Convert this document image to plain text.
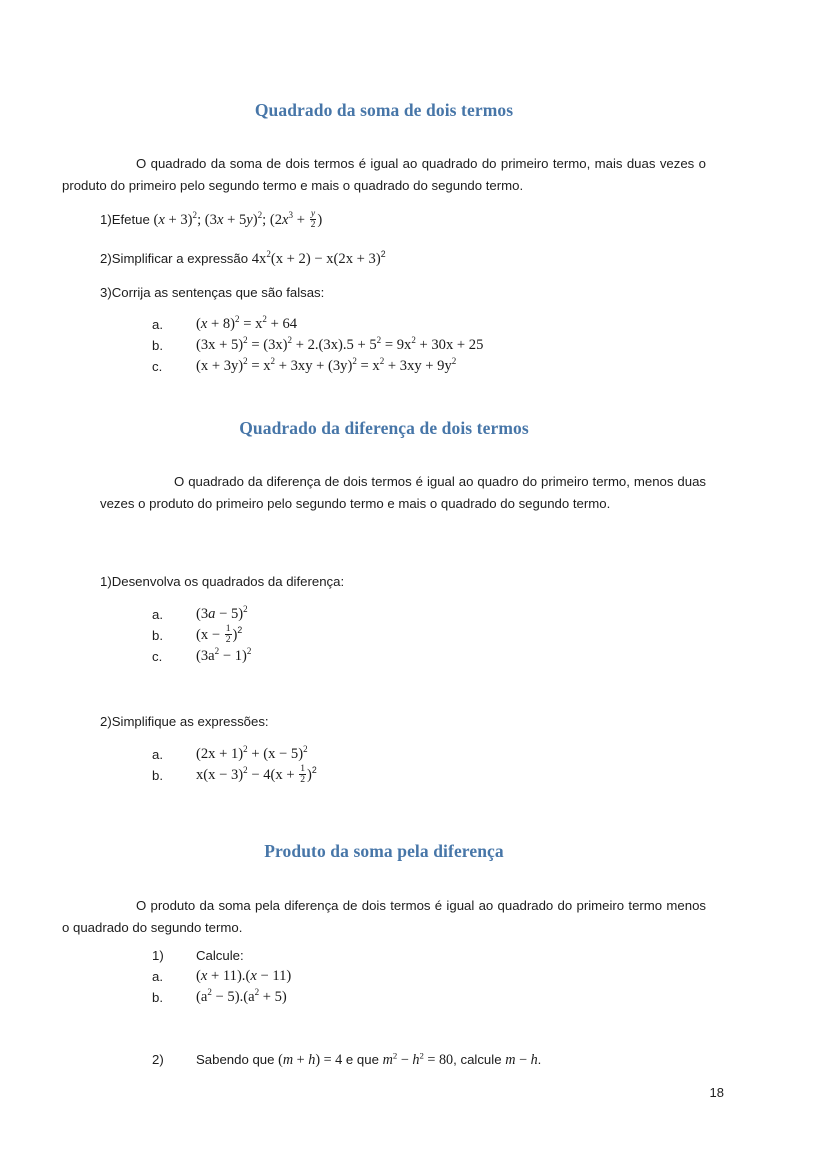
Quadrado da soma de dois termos
O quadrado da soma de dois termos é igual ao quadrado do primeiro termo, mais duas vezes o produto do primeiro pelo segundo termo e mais o quadrado do segundo termo.
1)Efetue $(x + 3)^2$; $(3x + 5y)^2$; ($2x^3 + \frac{y}{2}$ )
2)Simplificar a expressão $4x^2(x + 2) - x(2x + 3)^2$
3)Corrija as sentenças que são falsas:
a.	$(x + 8)^2 = x^2 + 64$
b.	$(3x + 5)^2 = (3x)^2 + 2.(3x).5 + 5^2 = 9x^2 + 30x + 25$
c.	$(x + 3y)^2 = x^2 + 3xy + (3y)^2 = x^2 + 3xy + 9y^2$
Quadrado da diferença de dois termos
O quadrado da diferença de dois termos é igual ao quadro do primeiro termo, menos duas vezes o produto do primeiro pelo segundo termo e mais o quadrado do segundo termo.
1)Desenvolva os quadrados da diferença:
a.	$(3a - 5)^2$
b.	$(x - \frac{1}{2} )^2$
c.	$(3a^2 - 1)^2$
2)Simplifique as expressões:
a.	$(2x + 1)^2 + (x - 5)^2$
b.	$x(x - 3)^2 - 4(x + \frac{1}{2} )^2$
Produto da soma pela diferença
O produto da soma pela diferença de dois termos é igual ao quadrado do primeiro termo menos o quadrado do segundo termo.
1)	Calcule:
a.	(x + 11).(x − 11)
b.	$(a^2 - 5).(a^2 + 5)$
2)	Sabendo que (m + h) = 4 e que $m^2 - h^2 = 80$, calcule m − h.
18
